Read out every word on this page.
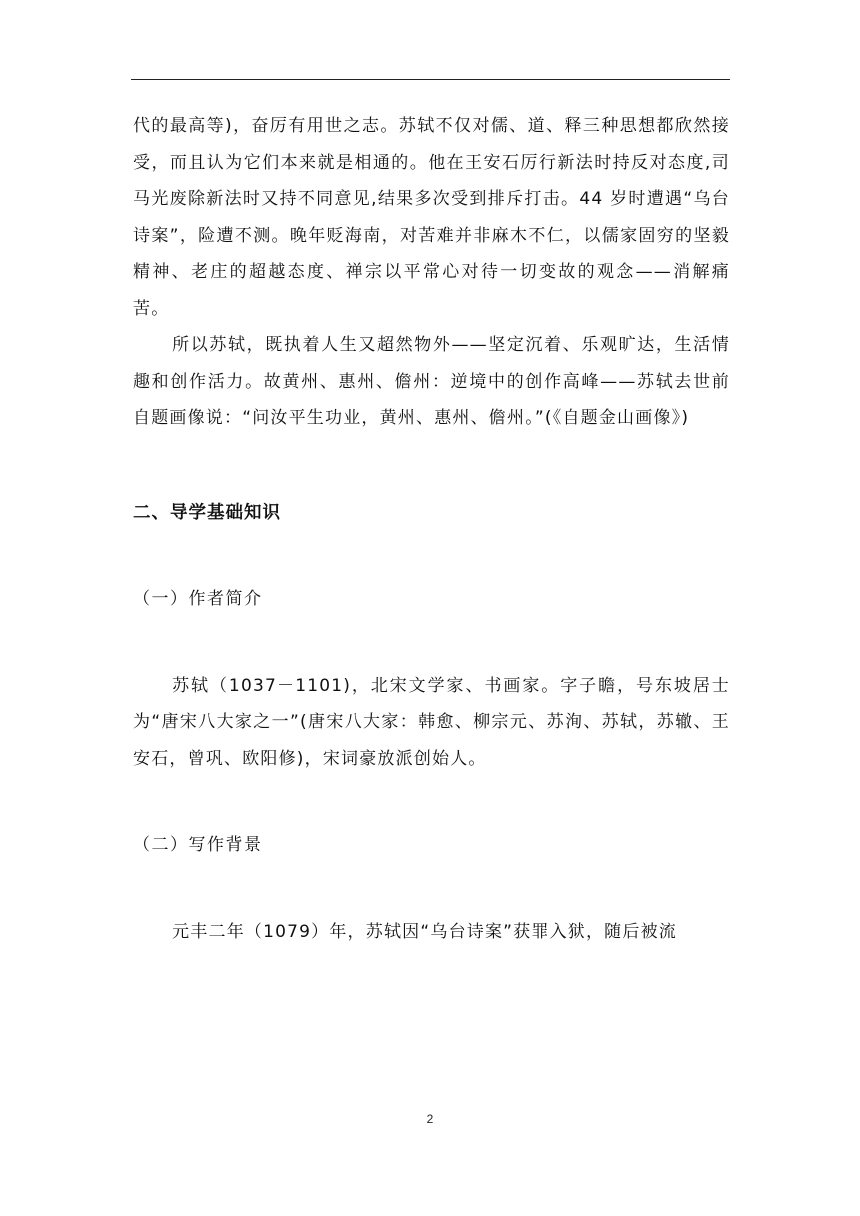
代的最高等)，奋厉有用世之志。苏轼不仅对儒、道、释三种思想都欣然接受，而且认为它们本来就是相通的。他在王安石厉行新法时持反对态度,司马光废除新法时又持不同意见,结果多次受到排斥打击。44 岁时遭遇“乌台诗案”，险遭不测。晚年贬海南，对苦难并非麻木不仁，以儒家固穷的坚毅精神、老庄的超越态度、禅宗以平常心对待一切变故的观念——消解痛苦。

所以苏轼，既执着人生又超然物外——坚定沉着、乐观旷达，生活情趣和创作活力。故黄州、惠州、儋州：逆境中的创作高峰——苏轼去世前自题画像说：“问汝平生功业，黄州、惠州、儋州。”(《自题金山画像》)

二、导学基础知识

（一）作者简介

苏轼（1037－1101)，北宋文学家、书画家。字子瞻，号东坡居士为“唐宋八大家之一”(唐宋八大家：韩愈、柳宗元、苏洵、苏轼，苏辙、王安石，曾巩、欧阳修)，宋词豪放派创始人。

（二）写作背景

元丰二年（1079）年，苏轼因“乌台诗案”获罪入狱，随后被流

2
